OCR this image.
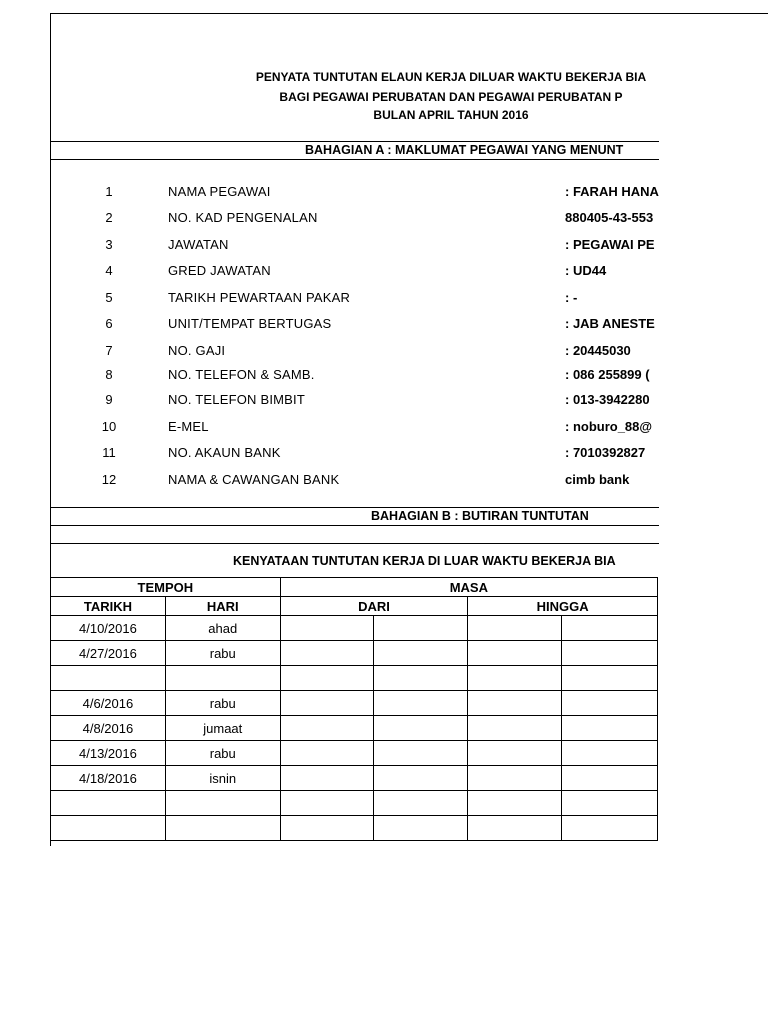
PENYATA TUNTUTAN ELAUN KERJA DILUAR WAKTU BEKERJA BIA
BAGI PEGAWAI PERUBATAN DAN PEGAWAI PERUBATAN P
BULAN APRIL TAHUN 2016
BAHAGIAN A : MAKLUMAT PEGAWAI YANG MENUNT
1	NAMA PEGAWAI	: FARAH HANA
2	NO. KAD PENGENALAN	880405-43-553
3	JAWATAN	: PEGAWAI PE
4	GRED JAWATAN	: UD44
5	TARIKH PEWARTAAN PAKAR	: -
6	UNIT/TEMPAT BERTUGAS	: JAB ANESTE
7	NO. GAJI	: 20445030
8	NO. TELEFON & SAMB.	: 086 255899 (
9	NO. TELEFON BIMBIT	: 013-3942280
10	E-MEL	: noburo_88@
11	NO. AKAUN BANK	: 7010392827
12	NAMA & CAWANGAN BANK	cimb bank
BAHAGIAN B : BUTIRAN TUNTUTAN
KENYATAAN TUNTUTAN KERJA DI LUAR WAKTU BEKERJA BIA
TEMPOH		MASA			
TARIKH	HARI	DARI		HINGGA	
4/10/2016	ahad				
4/27/2016	rabu				

4/6/2016	rabu				
4/8/2016	jumaat				
4/13/2016	rabu				
4/18/2016	isnin				
